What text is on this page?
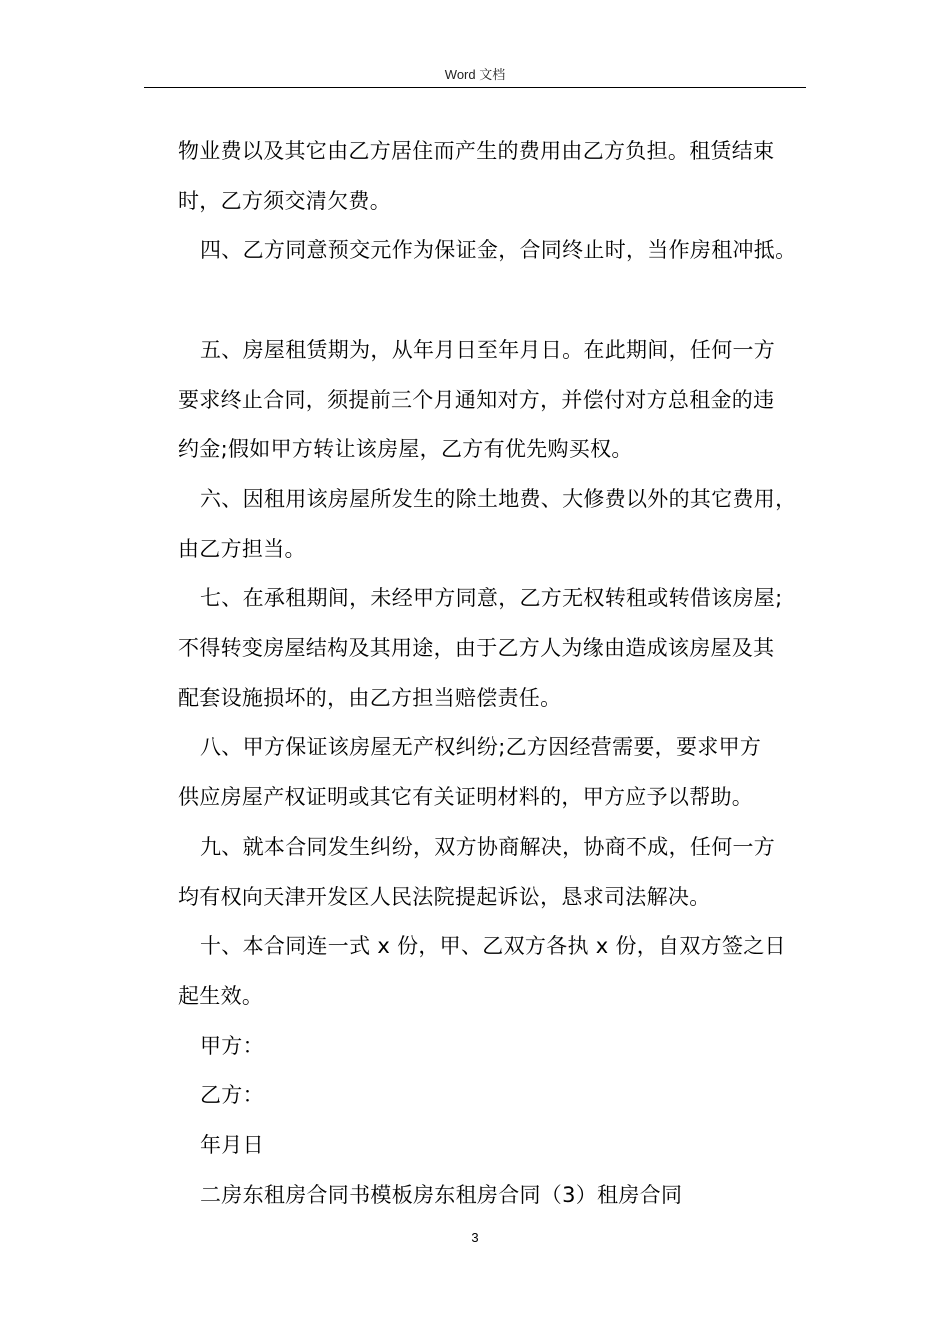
Word 文档
物业费以及其它由乙方居住而产生的费用由乙方负担。租赁结束
时，乙方须交清欠费。
四、乙方同意预交元作为保证金，合同终止时，当作房租冲抵。
五、房屋租赁期为，从年月日至年月日。在此期间，任何一方
要求终止合同，须提前三个月通知对方，并偿付对方总租金的违
约金;假如甲方转让该房屋，乙方有优先购买权。
六、因租用该房屋所发生的除土地费、大修费以外的其它费用，
由乙方担当。
七、在承租期间，未经甲方同意，乙方无权转租或转借该房屋;
不得转变房屋结构及其用途，由于乙方人为缘由造成该房屋及其
配套设施损坏的，由乙方担当赔偿责任。
八、甲方保证该房屋无产权纠纷;乙方因经营需要，要求甲方
供应房屋产权证明或其它有关证明材料的，甲方应予以帮助。
九、就本合同发生纠纷，双方协商解决，协商不成，任何一方
均有权向天津开发区人民法院提起诉讼，恳求司法解决。
十、本合同连一式 x 份，甲、乙双方各执 x 份，自双方签之日
起生效。
甲方：
乙方：
年月日
二房东租房合同书模板房东租房合同（3）租房合同
3
